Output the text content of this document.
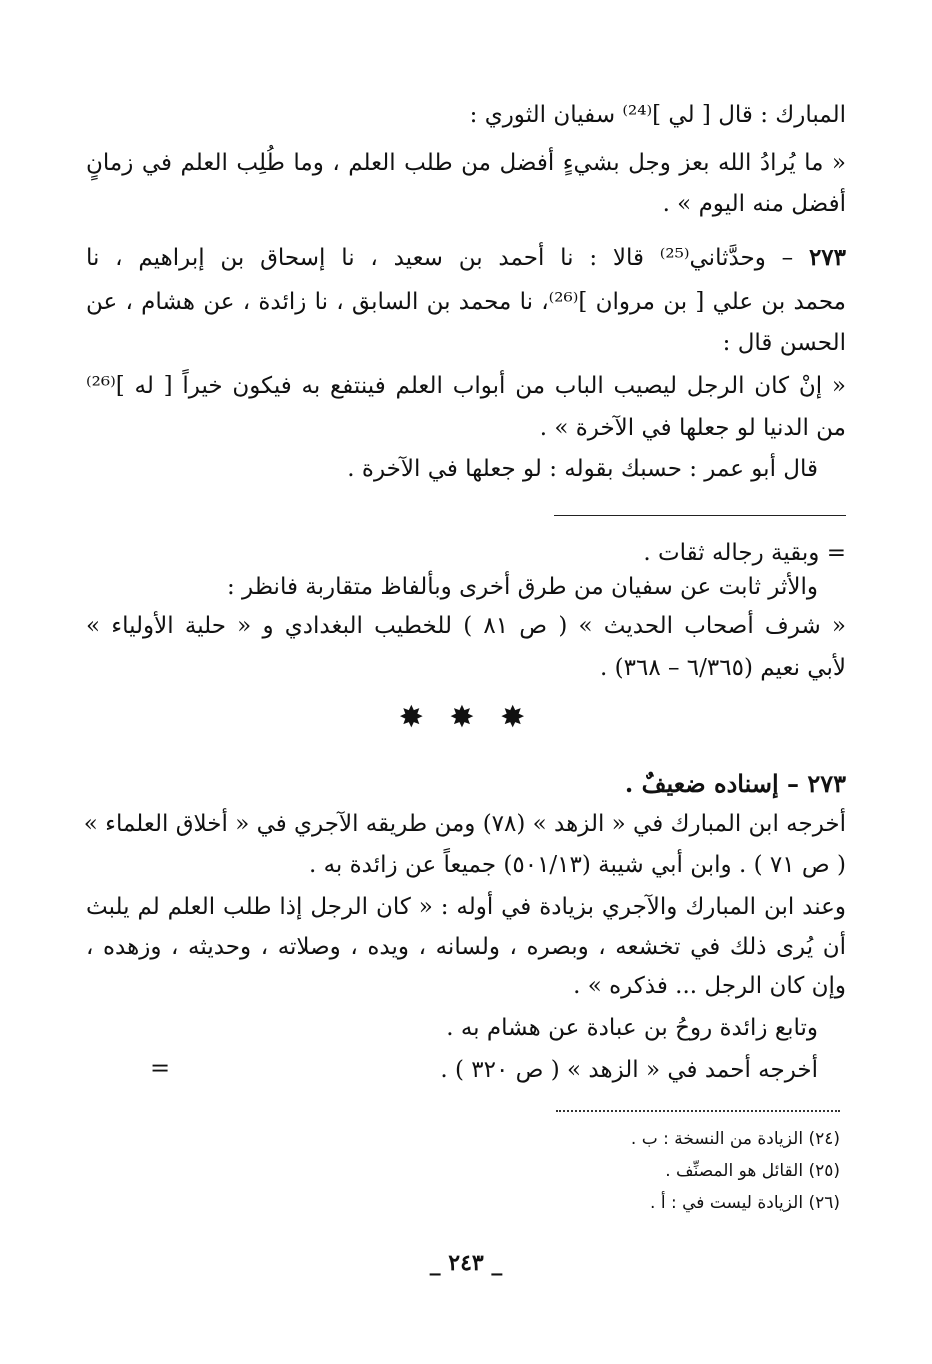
المبارك : قال [ لي ]⁽²⁴⁾ سفيان الثوري :
« ما يُرادُ الله بعز وجل بشيءٍ أفضل من طلب العلم ، وما طُلِب العلم في زمانٍ
أفضل منه اليوم » .
٢٧٣ – وحدَّثاني⁽²⁵⁾ قالا : نا أحمد بن سعيد ، نا إسحاق بن إبراهيم ، نا
محمد بن علي [ بن مروان ]⁽²⁶⁾، نا محمد بن السابق ، نا زائدة ، عن هشام ، عن
الحسن قال :
« إنْ كان الرجل ليصيب الباب من أبواب العلم فينتفع به فيكون خيراً [ له ]⁽²⁶⁾
من الدنيا لو جعلها في الآخرة » .
قال أبو عمر : حسبك بقوله : لو جعلها في الآخرة .
= وبقية رجاله ثقات .
والأثر ثابت عن سفيان من طرق أخرى وبألفاظ متقاربة فانظر :
« شرف أصحاب الحديث » ( ص ٨١ ) للخطيب البغدادي و « حلية الأولياء »
لأبي نعيم (٦/٣٦٥ – ٣٦٨) .
✸ ✸ ✸
٢٧٣ – إسناده ضعيفٌ .
أخرجه ابن المبارك في « الزهد » (٧٨) ومن طريقه الآجري في « أخلاق العلماء »
( ص ٧١ ) . وابن أبي شيبة (٥٠١/١٣) جميعاً عن زائدة به .
وعند ابن المبارك والآجري بزيادة في أوله : « كان الرجل إذا طلب العلم لم يلبث
أن يُرى ذلك في تخشعه ، وبصره ، ولسانه ، ويده ، وصلاته ، وحديثه ، وزهده ،
وإن كان الرجل ... فذكره » .
وتابع زائدة روحُ بن عبادة عن هشام به .
أخرجه أحمد في « الزهد » ( ص ٣٢٠ ) .
=
(٢٤) الزيادة من النسخة : ب .
(٢٥) القائل هو المصنِّف .
(٢٦) الزيادة ليست في : أ .
_ ٢٤٣ _
